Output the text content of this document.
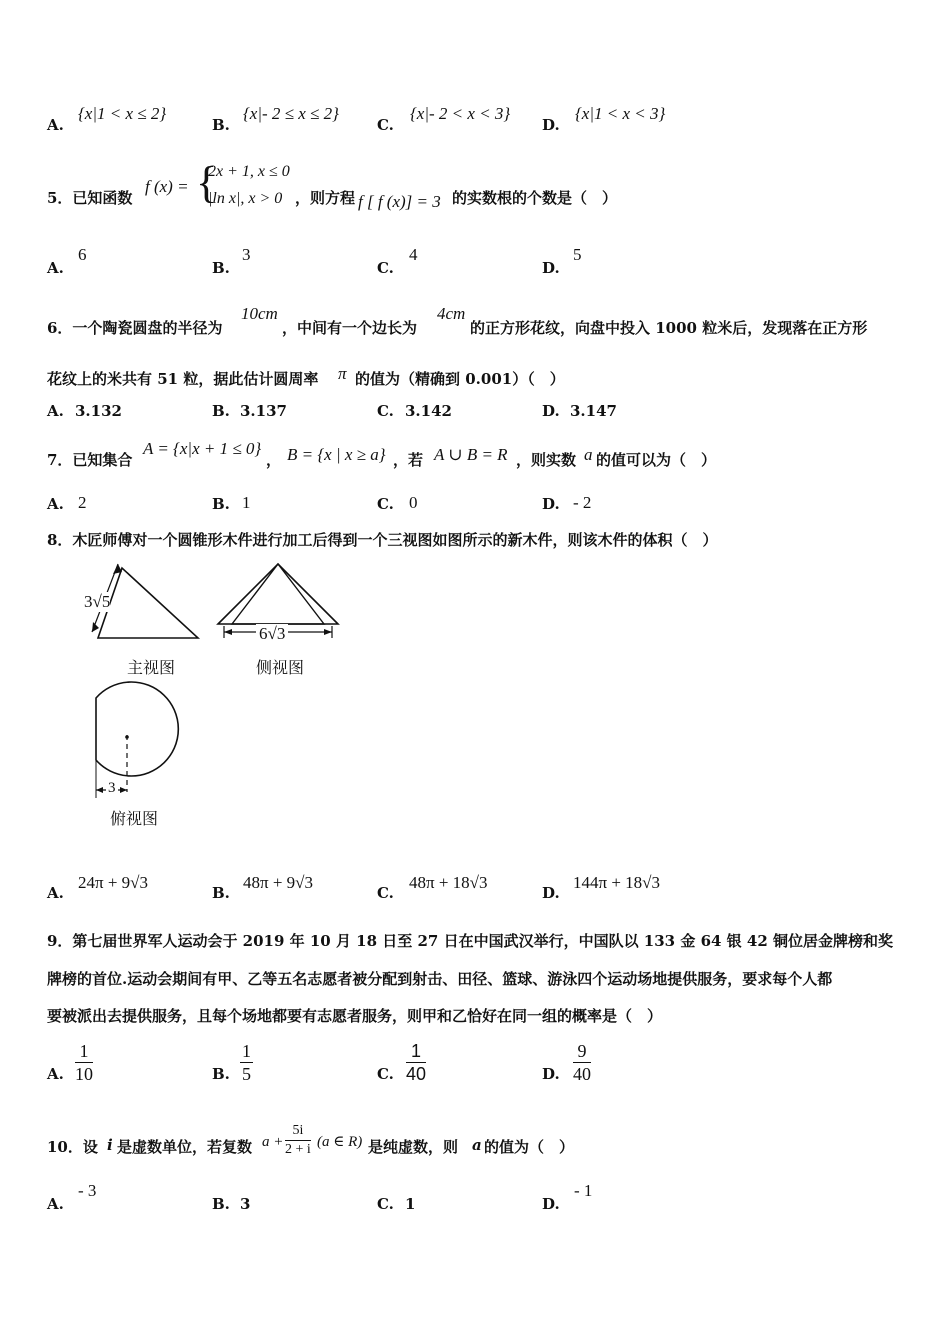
A.
{x|1 < x ≤ 2}
B.
{x|- 2 ≤ x ≤ 2}
C.
{x|- 2 < x < 3}
D.
{x|1 < x < 3}
5．已知函数
f (x) = {
2x + 1, x ≤ 0
|ln x|, x > 0 ，则方程 f [ f (x)] = 3 的实数根的个数是（　）
A.
6
B.
3
C.
4
D.
5
6．一个陶瓷圆盘的半径为
10cm
，中间有一个边长为
4cm
的正方形花纹，向盘中投入 1000 粒米后，发现落在正方形
花纹上的米共有 51 粒，据此估计圆周率 π 的值为（精确到 0.001）（　）
A. 3.132	B. 3.137	C. 3.142	D. 3.147
7．已知集合
A = {x|x + 1 ≤ 0}
， B = {x | x ≥ a} ，若 A ∪ B = R ，则实数 a 的值可以为（　）
A. 2	B. 1	C. 0	D. - 2
8．木匠师傅对一个圆锥形木件进行加工后得到一个三视图如图所示的新木件，则该木件的体积（　）
3√5
主视图
6√3
侧视图
3
俯视图
A.
24π + 9√3
B.
48π + 9√3
C.
48π + 18√3
D.
144π + 18√3
9．第七届世界军人运动会于 2019 年 10 月 18 日至 27 日在中国武汉举行，中国队以 133 金 64 银 42 铜位居金牌榜和奖
牌榜的首位.运动会期间有甲、乙等五名志愿者被分配到射击、田径、篮球、游泳四个运动场地提供服务，要求每个人都
要被派出去提供服务，且每个场地都要有志愿者服务，则甲和乙恰好在同一组的概率是（　）
A. $\frac{1}{10}$	B. $\frac{1}{5}$	C. $\frac{1}{40}$	D. $\frac{9}{40}$
10．设 i 是虚数单位，若复数 $a + \frac{5i}{2 + i} (a$ ∈ R) 是纯虚数，则 a 的值为（　）
A.
- 3
B. 3	C. 1	D.
- 1
